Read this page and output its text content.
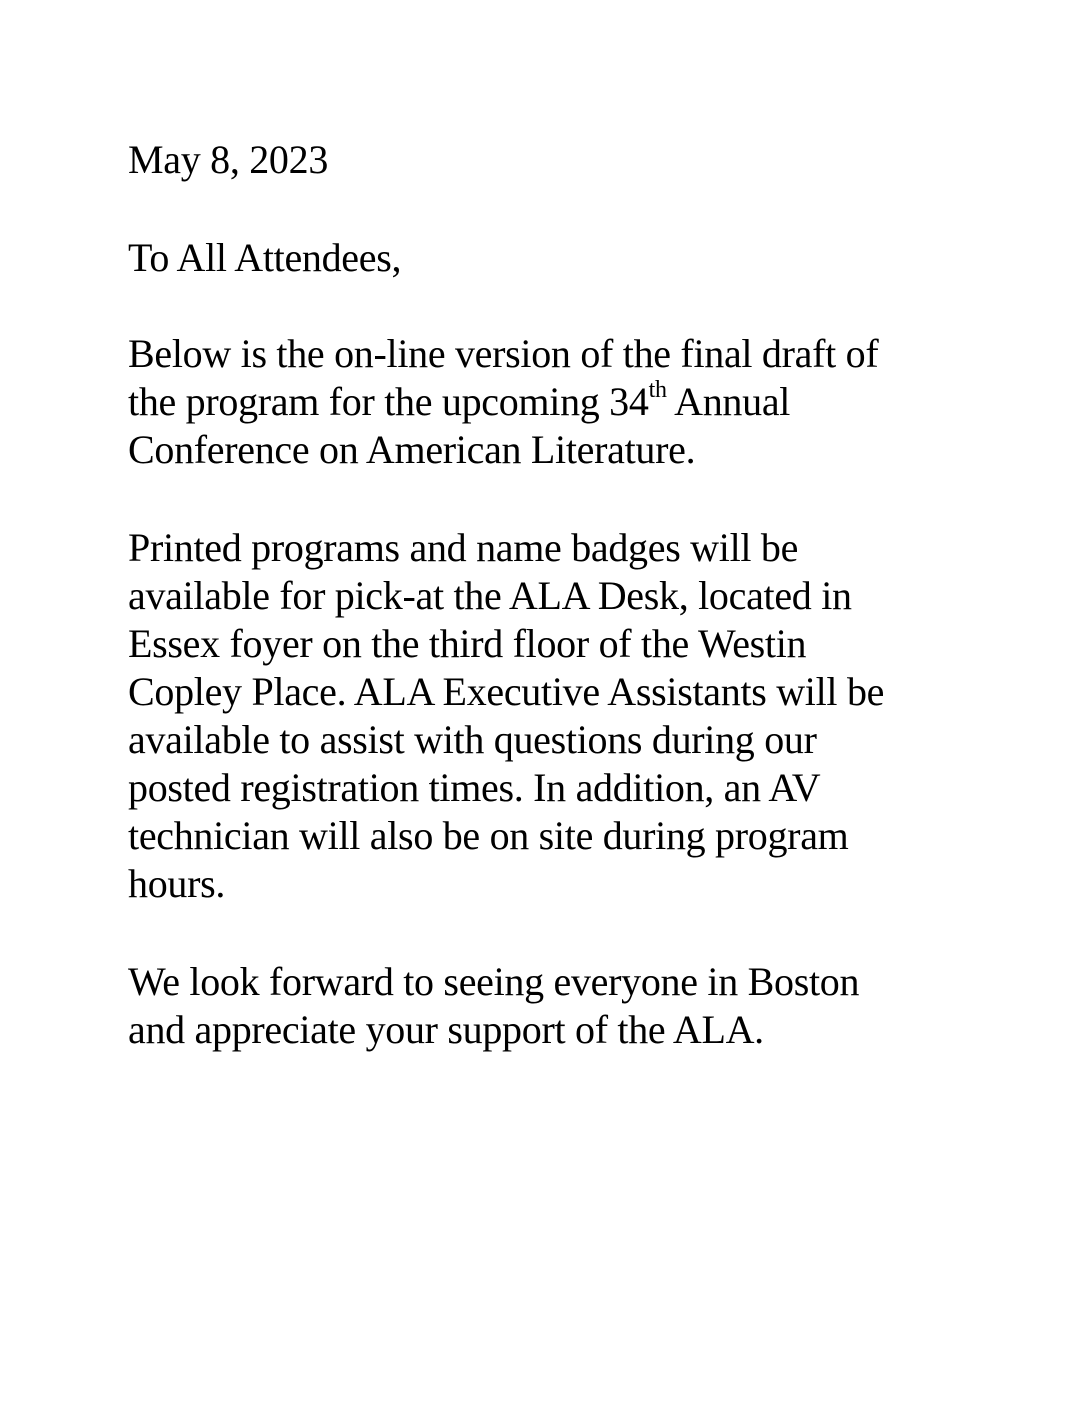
May 8, 2023
To All Attendees,
Below is the on-line version of the final draft of
the program for the upcoming 34th Annual
Conference on American Literature.
Printed programs and name badges will be
available for pick-at the ALA Desk, located in
Essex foyer on the third floor of the Westin
Copley Place. ALA Executive Assistants will be
available to assist with questions during our
posted registration times. In addition, an AV
technician will also be on site during program
hours.
We look forward to seeing everyone in Boston
and appreciate your support of the ALA.
